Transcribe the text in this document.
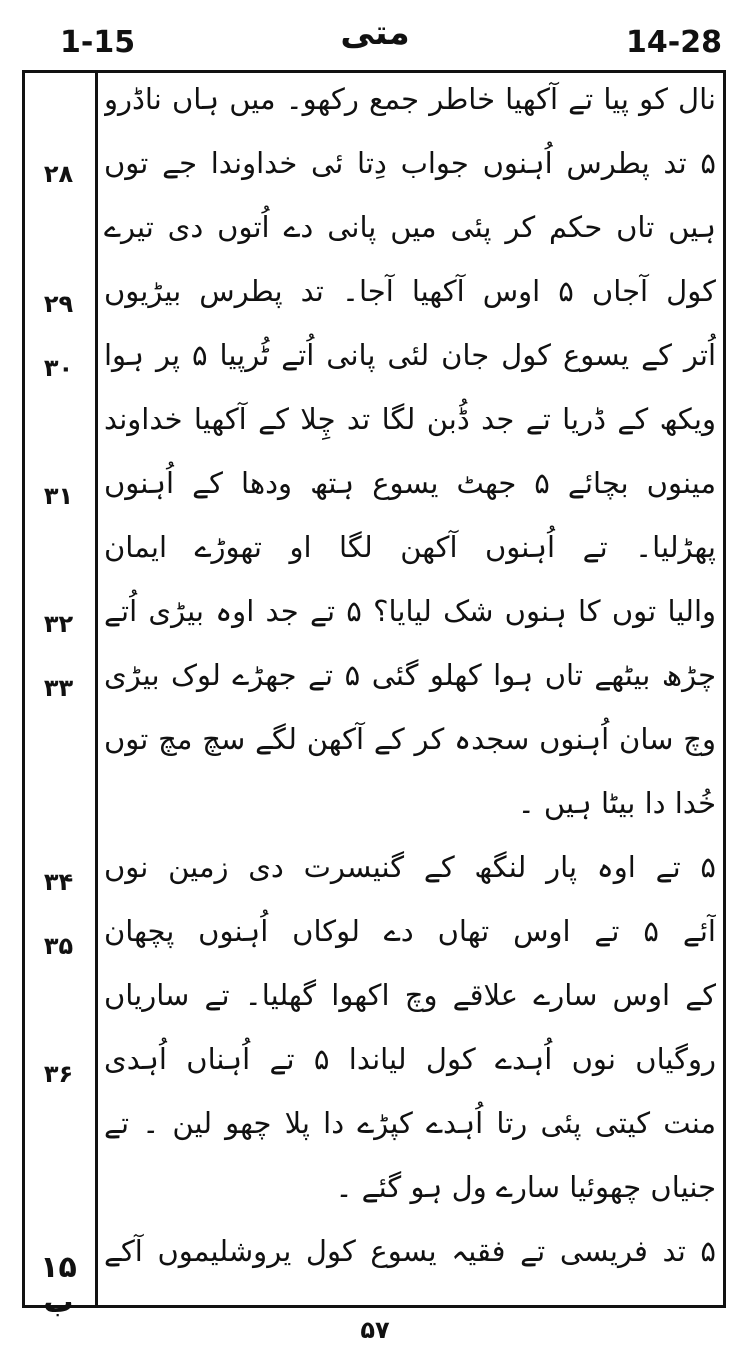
1-15	متی	14-28
۲۸
۲۹
۳۰
۳۱
۳۲
۳۳
۳۴
۳۵
۳۶
۱۵ ب
نال کو پیا تے آکھیا خاطر جمع رکھو۔ میں ہاں ناڈرو
۵ تد پطرس اُہنوں جواب دِتا ئی خداوندا جے توں
ہیں تاں حکم کر پئی میں پانی دے اُتوں دی تیرے
کول آجاں ۵ اوس آکھیا آجا۔ تد پطرس بیڑیوں
اُتر کے یسوع کول جان لئی پانی اُتے ٹُرپیا ۵ پر ہوا
ویکھ کے ڈریا تے جد ڈُبن لگا تد چِلا کے آکھیا خداوند
مینوں بچائے ۵ جھٹ یسوع ہتھ ودھا کے اُہنوں
پھڑلیا۔ تے اُہنوں آکھن لگا او تھوڑے ایمان
والیا توں کا ہنوں شک لیایا؟ ۵ تے جد اوہ بیڑی اُتے
چڑھ بیٹھے تاں ہوا کھلو گئی ۵ تے جھڑے لوک بیڑی
وچ سان اُہنوں سجدہ کر کے آکھن لگے سچ مچ توں
خُدا دا بیٹا ہیں ۔
۵ تے اوہ پار لنگھ کے گنیسرت دی زمین نوں
آئے ۵ تے اوس تھاں دے لوکاں اُہنوں پچھان
کے اوس سارے علاقے وچ اکھوا گھلیا۔ تے ساریاں
روگیاں نوں اُہدے کول لیاندا ۵ تے اُہناں اُہدی
منت کیتی پئی رتا اُہدے کپڑے دا پلا چھو لین ۔ تے
جنیاں چھوئیا سارے ول ہو گئے ۔
۵ تد فریسی تے فقیہ یسوع کول یروشلیموں آکے
۵۷
